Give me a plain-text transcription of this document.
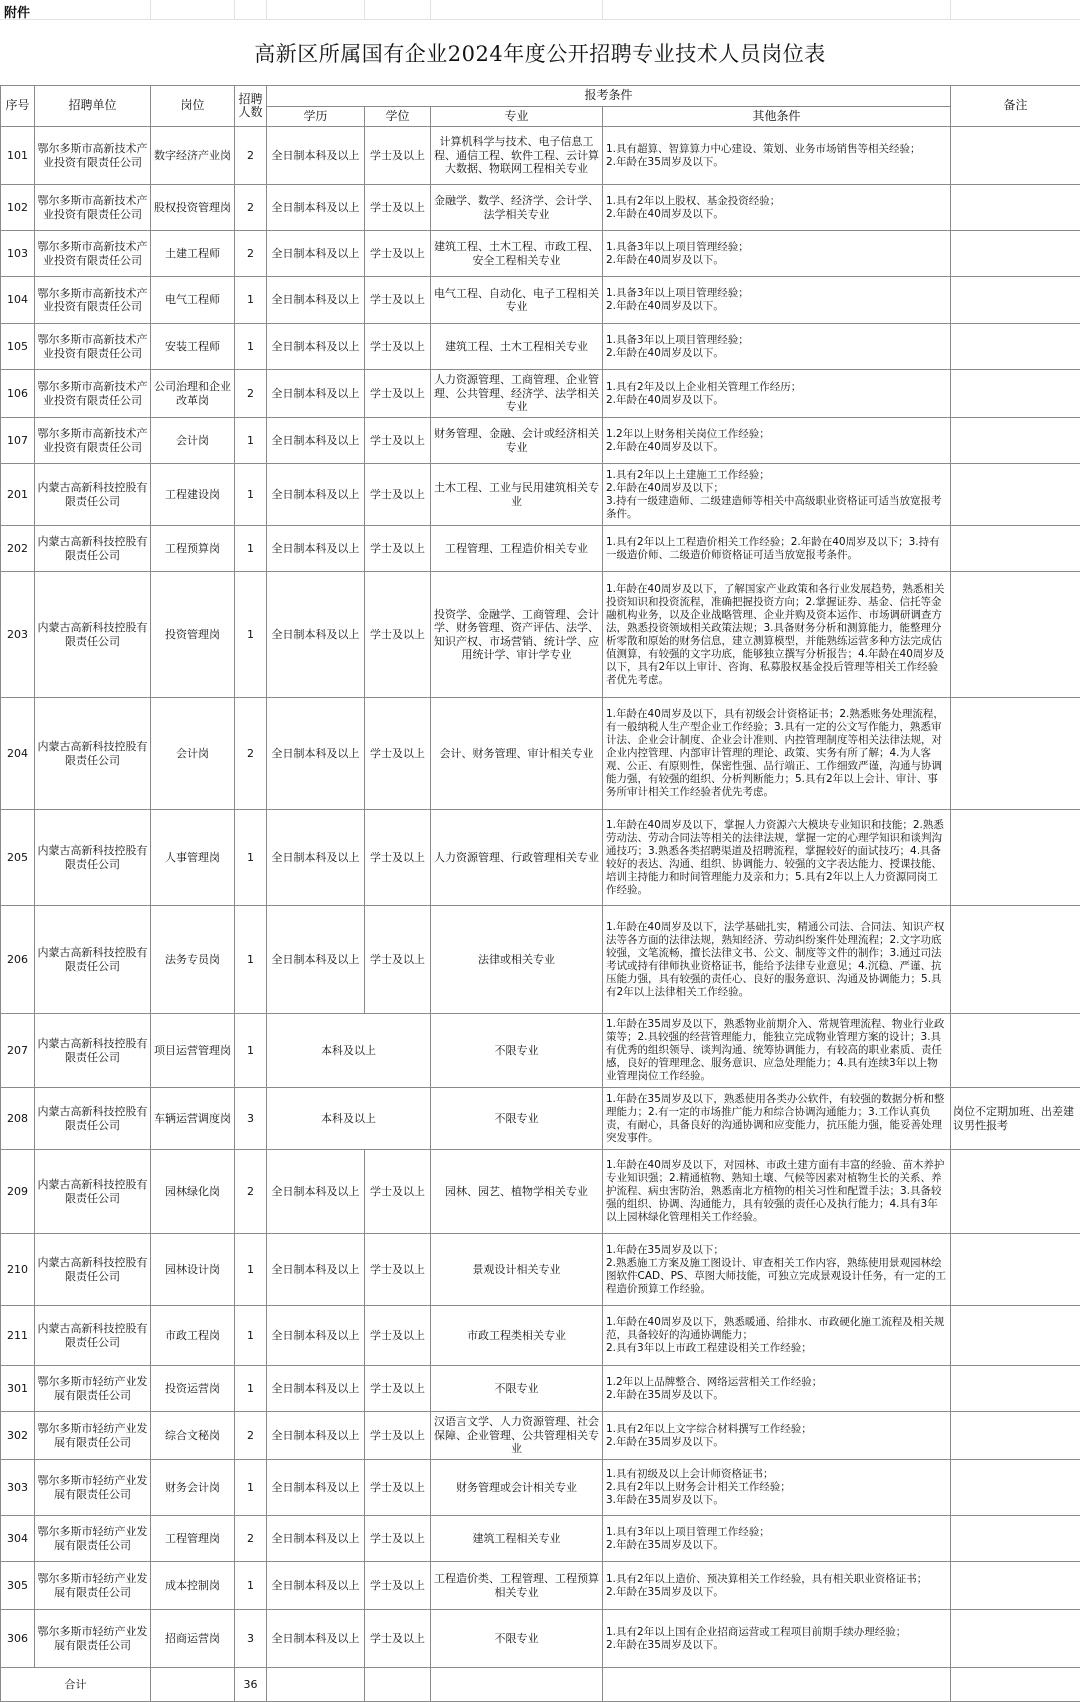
附件
高新区所属国有企业2024年度公开招聘专业技术人员岗位表
序号	招聘单位	岗位	招聘人数	报考条件				备注
				学历	学位	专业	其他条件	
101	鄂尔多斯市高新技术产业投资有限责任公司	数字经济产业岗	2	全日制本科及以上	学士及以上	计算机科学与技术、电子信息工程、通信工程、软件工程、云计算大数据、物联网工程相关专业	1.具有超算、智算算力中心建设、策划、业务市场销售等相关经验；
2.年龄在35周岁及以下。	
102	鄂尔多斯市高新技术产业投资有限责任公司	股权投资管理岗	2	全日制本科及以上	学士及以上	金融学、数学、经济学、会计学、法学相关专业	1.具有2年以上股权、基金投资经验；
2.年龄在40周岁及以下。	
103	鄂尔多斯市高新技术产业投资有限责任公司	土建工程师	2	全日制本科及以上	学士及以上	建筑工程、土木工程、市政工程、安全工程相关专业	1.具备3年以上项目管理经验；
2.年龄在40周岁及以下。	
104	鄂尔多斯市高新技术产业投资有限责任公司	电气工程师	1	全日制本科及以上	学士及以上	电气工程、自动化、电子工程相关专业	1.具备3年以上项目管理经验；
2.年龄在40周岁及以下。	
105	鄂尔多斯市高新技术产业投资有限责任公司	安装工程师	1	全日制本科及以上	学士及以上	建筑工程、土木工程相关专业	1.具备3年以上项目管理经验；
2.年龄在40周岁及以下。	
106	鄂尔多斯市高新技术产业投资有限责任公司	公司治理和企业改革岗	2	全日制本科及以上	学士及以上	人力资源管理、工商管理、企业管理、公共管理、经济学、法学相关专业	1.具有2年及以上企业相关管理工作经历；
2.年龄在40周岁及以下。	
107	鄂尔多斯市高新技术产业投资有限责任公司	会计岗	1	全日制本科及以上	学士及以上	财务管理、金融、会计或经济相关专业	1.2年以上财务相关岗位工作经验；
2.年龄在40周岁及以下。	
201	内蒙古高新科技控股有限责任公司	工程建设岗	1	全日制本科及以上	学士及以上	土木工程、工业与民用建筑相关专业	1.具有2年以上土建施工工作经验；
2.年龄在40周岁及以下；
3.持有一级建造师、二级建造师等相关中高级职业资格证可适当放宽报考条件。	
202	内蒙古高新科技控股有限责任公司	工程预算岗	1	全日制本科及以上	学士及以上	工程管理、工程造价相关专业	1.具有2年以上工程造价相关工作经验；2.年龄在40周岁及以下；3.持有一级造价师、二级造价师资格证可适当放宽报考条件。	
203	内蒙古高新科技控股有限责任公司	投资管理岗	1	全日制本科及以上	学士及以上	投资学、金融学、工商管理、会计学、财务管理、资产评估、法学、知识产权、市场营销、统计学、应用统计学、审计学专业	1.年龄在40周岁及以下，了解国家产业政策和各行业发展趋势，熟悉相关投资知识和投资流程，准确把握投资方向；2.掌握证券、基金、信托等金融机构业务，以及企业战略管理、企业并购及资本运作、市场调研调查方法，熟悉投资领域相关政策法规；3.具备财务分析和测算能力，能整理分析零散和原始的财务信息，建立测算模型，并能熟练运营多种方法完成估值测算，有较强的文字功底，能够独立撰写分析报告；4.年龄在40周岁及以下，具有2年以上审计、咨询、私募股权基金投后管理等相关工作经验者优先考虑。	
204	内蒙古高新科技控股有限责任公司	会计岗	2	全日制本科及以上	学士及以上	会计、财务管理、审计相关专业	1.年龄在40周岁及以下，具有初级会计资格证书；2.熟悉账务处理流程，有一般纳税人生产型企业工作经验；3.具有一定的公文写作能力，熟悉审计法、企业会计制度、企业会计准则、内控管理制度等相关法律法规，对企业内控管理、内部审计管理的理论、政策、实务有所了解；4.为人客观、公正、有原则性，保密性强、品行端正、工作细致严谨，沟通与协调能力强，有较强的组织、分析判断能力；5.具有2年以上会计、审计、事务所审计相关工作经验者优先考虑。	
205	内蒙古高新科技控股有限责任公司	人事管理岗	1	全日制本科及以上	学士及以上	人力资源管理、行政管理相关专业	1.年龄在40周岁及以下，掌握人力资源六大模块专业知识和技能；2.熟悉劳动法、劳动合同法等相关的法律法规，掌握一定的心理学知识和谈判沟通技巧；3.熟悉各类招聘渠道及招聘流程，掌握较好的面试技巧；4.具备较好的表达、沟通、组织、协调能力、较强的文字表达能力、授课技能、培训主持能力和时间管理能力及亲和力；5.具有2年以上人力资源同岗工作经验。	
206	内蒙古高新科技控股有限责任公司	法务专员岗	1	全日制本科及以上	学士及以上	法律或相关专业	1.年龄在40周岁及以下，法学基础扎实，精通公司法、合同法、知识产权法等各方面的法律法规，熟知经济、劳动纠纷案件处理流程；2.文字功底较强，文笔流畅，擅长法律文书、公文、制度等文件的制作；3.通过司法考试或持有律师执业资格证书，能给予法律专业意见；4.沉稳、严谨、抗压能力强，具有较强的责任心、良好的服务意识、沟通及协调能力；5.具有2年以上法律相关工作经验。	
207	内蒙古高新科技控股有限责任公司	项目运营管理岗	1	本科及以上		不限专业	1.年龄在35周岁及以下，熟悉物业前期介入、常规管理流程、物业行业政策等；2.具较强的经营管理能力，能独立完成物业管理方案的设计；3.具有优秀的组织领导、谈判沟通、统筹协调能力，有较高的职业素质、责任感，良好的管理理念、服务意识、应急处理能力；4.具有连续3年以上物业管理岗位工作经验。	
208	内蒙古高新科技控股有限责任公司	车辆运营调度岗	3	本科及以上		不限专业	1.年龄在35周岁及以下，熟悉使用各类办公软件，有较强的数据分析和整理能力；2.有一定的市场推广能力和综合协调沟通能力；3.工作认真负责，有耐心，具备良好的沟通协调和应变能力，抗压能力强，能妥善处理突发事件。	岗位不定期加班、出差建议男性报考
209	内蒙古高新科技控股有限责任公司	园林绿化岗	2	全日制本科及以上	学士及以上	园林、园艺、植物学相关专业	1.年龄在40周岁及以下，对园林、市政土建方面有丰富的经验、苗木养护专业知识强；2.精通植物、熟知土壤、气候等因素对植物生长的关系、养护流程、病虫害防治，熟悉南北方植物的相关习性和配置手法；3.具备较强的组织、协调、沟通能力，具有较强的责任心及执行能力；4.具有3年以上园林绿化管理相关工作经验。	
210	内蒙古高新科技控股有限责任公司	园林设计岗	1	全日制本科及以上	学士及以上	景观设计相关专业	1.年龄在35周岁及以下；
2.熟悉施工方案及施工图设计、审查相关工作内容，熟练使用景观园林绘图软件CAD、PS、草图大师技能，可独立完成景观设计任务，有一定的工程造价预算工作经验。	
211	内蒙古高新科技控股有限责任公司	市政工程岗	1	全日制本科及以上	学士及以上	市政工程类相关专业	1.年龄在40周岁及以下，熟悉暖通、给排水、市政硬化施工流程及相关规范，具备较好的沟通协调能力；
2.具有3年以上市政工程建设相关工作经验；	
301	鄂尔多斯市轻纺产业发展有限责任公司	投资运营岗	1	全日制本科及以上	学士及以上	不限专业	1.2年以上品牌整合、网络运营相关工作经验；
2.年龄在35周岁及以下。	
302	鄂尔多斯市轻纺产业发展有限责任公司	综合文秘岗	2	全日制本科及以上	学士及以上	汉语言文学、人力资源管理、社会保障、企业管理、公共管理相关专业	1.具有2年以上文字综合材料撰写工作经验；
2.年龄在35周岁及以下。	
303	鄂尔多斯市轻纺产业发展有限责任公司	财务会计岗	1	全日制本科及以上	学士及以上	财务管理或会计相关专业	1.具有初级及以上会计师资格证书；
2.具有2年以上财务会计相关工作经验；
3.年龄在35周岁及以下。	
304	鄂尔多斯市轻纺产业发展有限责任公司	工程管理岗	2	全日制本科及以上	学士及以上	建筑工程相关专业	1.具有3年以上项目管理工作经验；
2.年龄在35周岁及以下。	
305	鄂尔多斯市轻纺产业发展有限责任公司	成本控制岗	1	全日制本科及以上	学士及以上	工程造价类、工程管理、工程预算相关专业	1.具有2年以上造价、预决算相关工作经验，具有相关职业资格证书；
2.年龄在35周岁及以下。	
306	鄂尔多斯市轻纺产业发展有限责任公司	招商运营岗	3	全日制本科及以上	学士及以上	不限专业	1.具有2年以上国有企业招商运营或工程项目前期手续办理经验；
2.年龄在35周岁及以下。	
合计			36					
